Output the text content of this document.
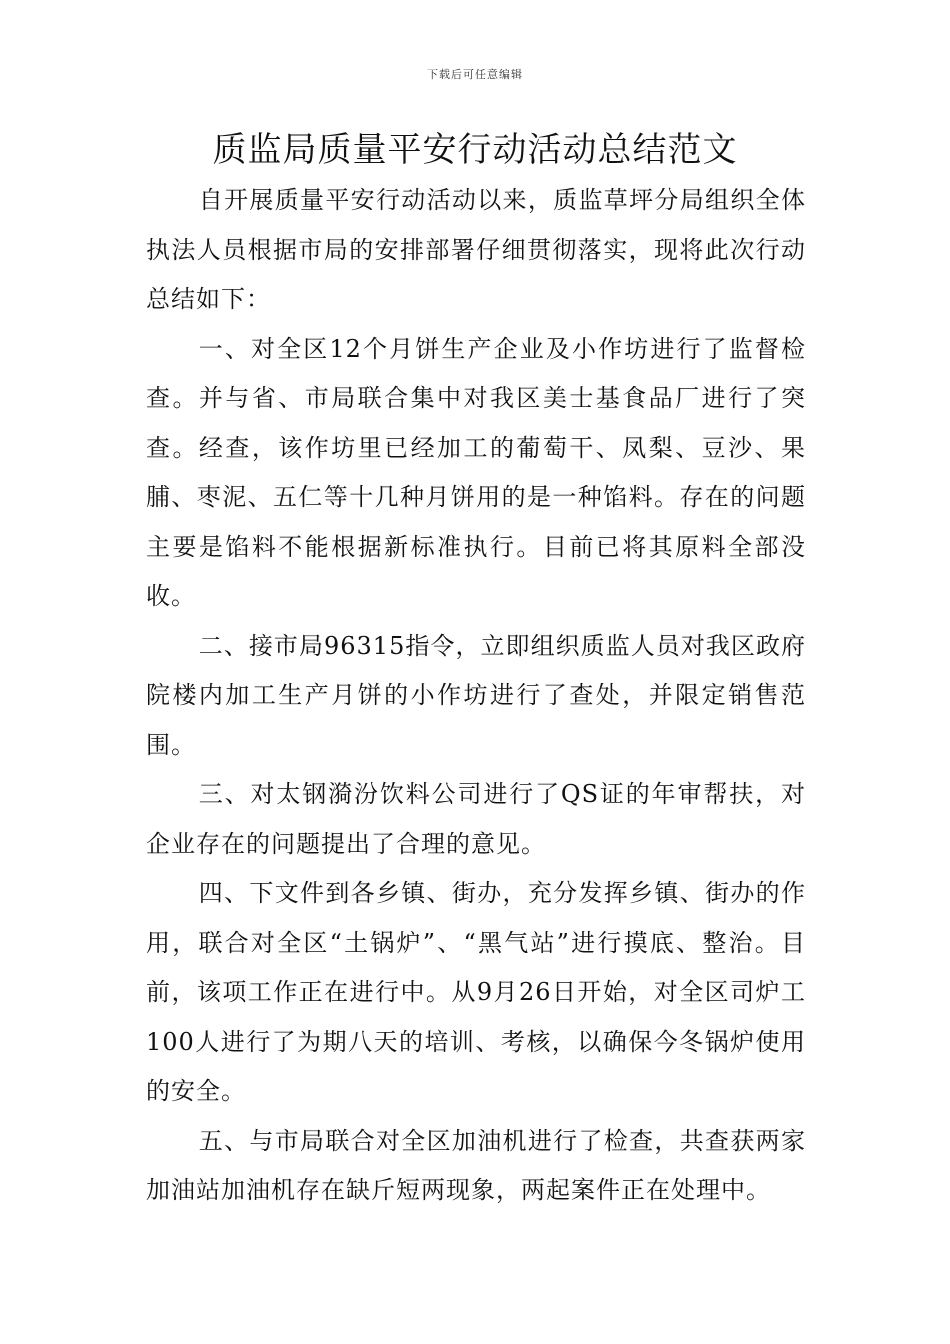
下载后可任意编辑
质监局质量平安行动活动总结范文

自开展质量平安行动活动以来，质监草坪分局组织全体执法人员根据市局的安排部署仔细贯彻落实，现将此次行动总结如下：

一、对全区12个月饼生产企业及小作坊进行了监督检查。并与省、市局联合集中对我区美士基食品厂进行了突查。经查，该作坊里已经加工的葡萄干、凤梨、豆沙、果脯、枣泥、五仁等十几种月饼用的是一种馅料。存在的问题主要是馅料不能根据新标准执行。目前已将其原料全部没收。

二、接市局96315指令，立即组织质监人员对我区政府院楼内加工生产月饼的小作坊进行了查处，并限定销售范围。

三、对太钢漪汾饮料公司进行了QS证的年审帮扶，对企业存在的问题提出了合理的意见。

四、下文件到各乡镇、街办，充分发挥乡镇、街办的作用，联合对全区“土锅炉”、“黑气站”进行摸底、整治。目前，该项工作正在进行中。从9月26日开始，对全区司炉工100人进行了为期八天的培训、考核，以确保今冬锅炉使用的安全。

五、与市局联合对全区加油机进行了检查，共查获两家加油站加油机存在缺斤短两现象，两起案件正在处理中。
